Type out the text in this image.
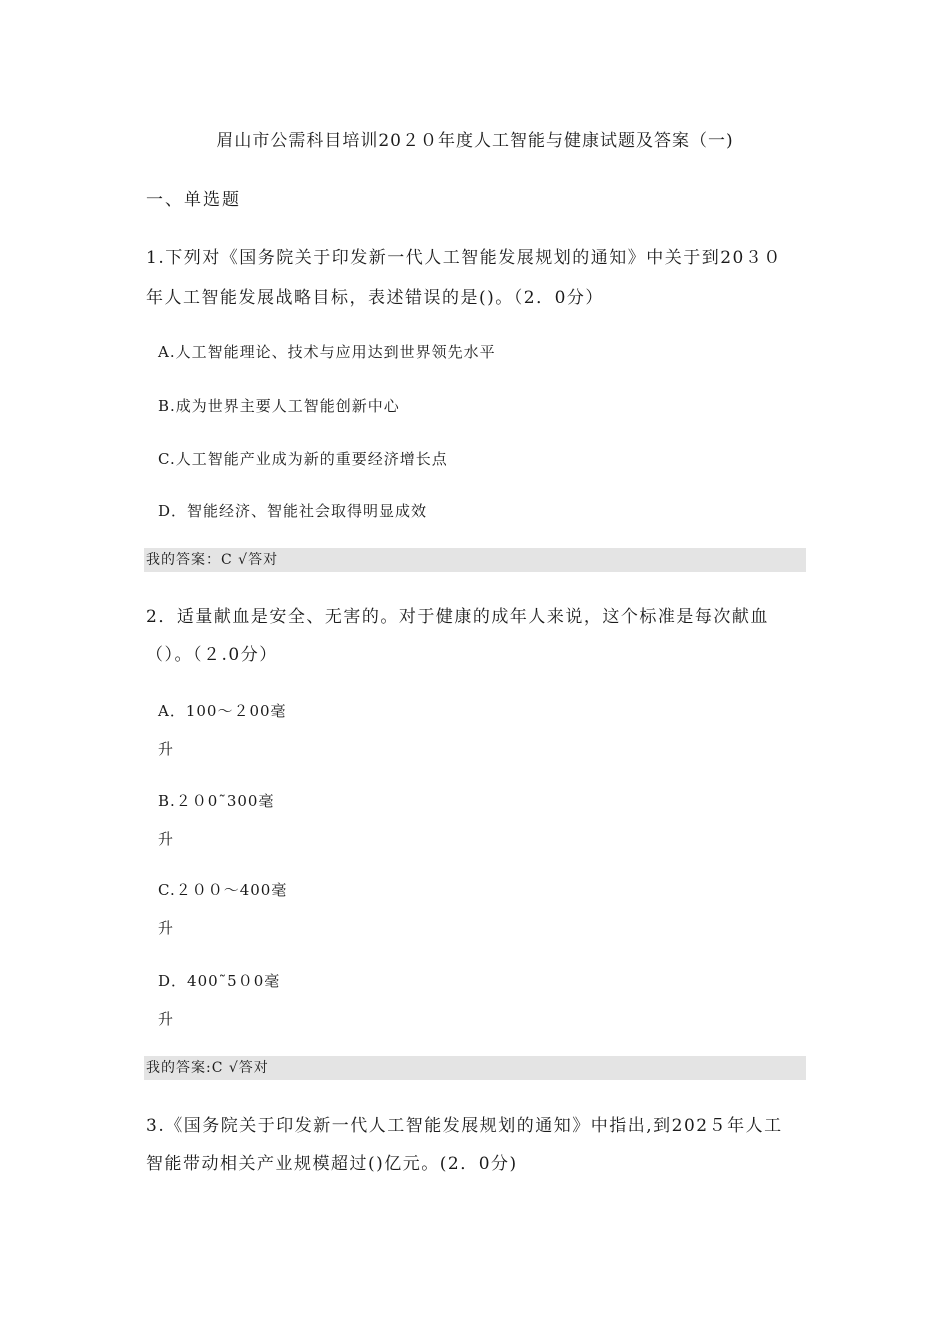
眉山市公需科目培训20２０年度人工智能与健康试题及答案（一)
一、单选题
1.下列对《国务院关于印发新一代人工智能发展规划的通知》中关于到20３０
年人工智能发展战略目标，表述错误的是()。（2．0分）
A.人工智能理论、技术与应用达到世界领先水平
B.成为世界主要人工智能创新中心
C.人工智能产业成为新的重要经济增长点
D．智能经济、智能社会取得明显成效
我的答案：C √答对
2．适量献血是安全、无害的。对于健康的成年人来说，这个标准是每次献血
（）。（２.0分）
A．100～２00毫
升
B.２０0˜300毫
升
C.２００～400毫
升
D．400˜5０0毫
升
我的答案:C √答对
3.《国务院关于印发新一代人工智能发展规划的通知》中指出,到202５年人工
智能带动相关产业规模超过()亿元。(2．0分)
